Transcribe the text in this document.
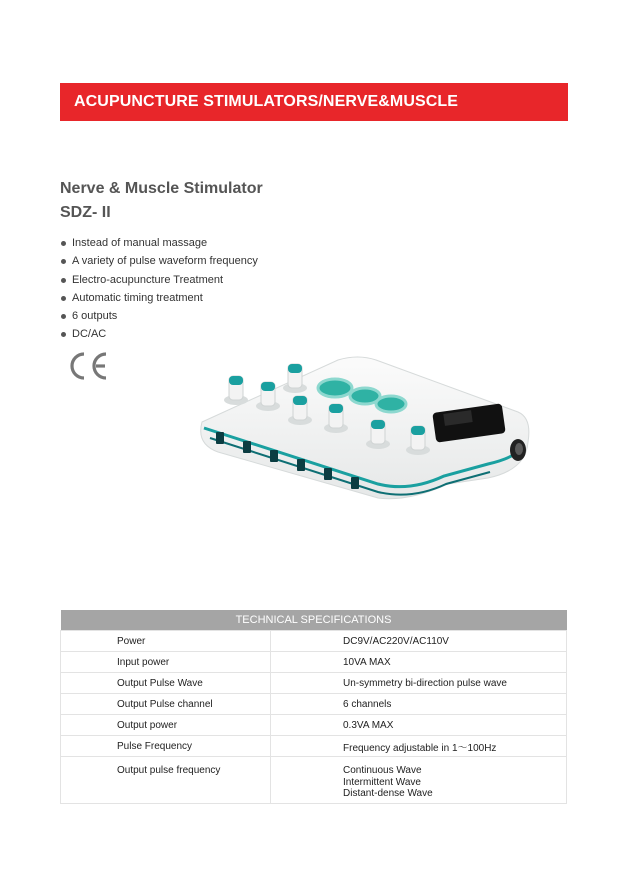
ACUPUNCTURE STIMULATORS/NERVE&MUSCLE STIMULATORS
Nerve & Muscle Stimulator
SDZ- II
Instead of manual massage
A variety of pulse waveform frequency
Electro-acupuncture Treatment
Automatic timing treatment
6 outputs
DC/AC
TECHNICAL SPECIFICATIONS	
Power	DC9V/AC220V/AC110V
Input power	10VA MAX
Output Pulse Wave	Un-symmetry bi-direction pulse wave
Output Pulse channel	6 channels
Output power	0.3VA MAX
Pulse Frequency	Frequency adjustable in 1～100Hz
Output pulse frequency	Continuous Wave
Intermittent Wave
Distant-dense Wave
